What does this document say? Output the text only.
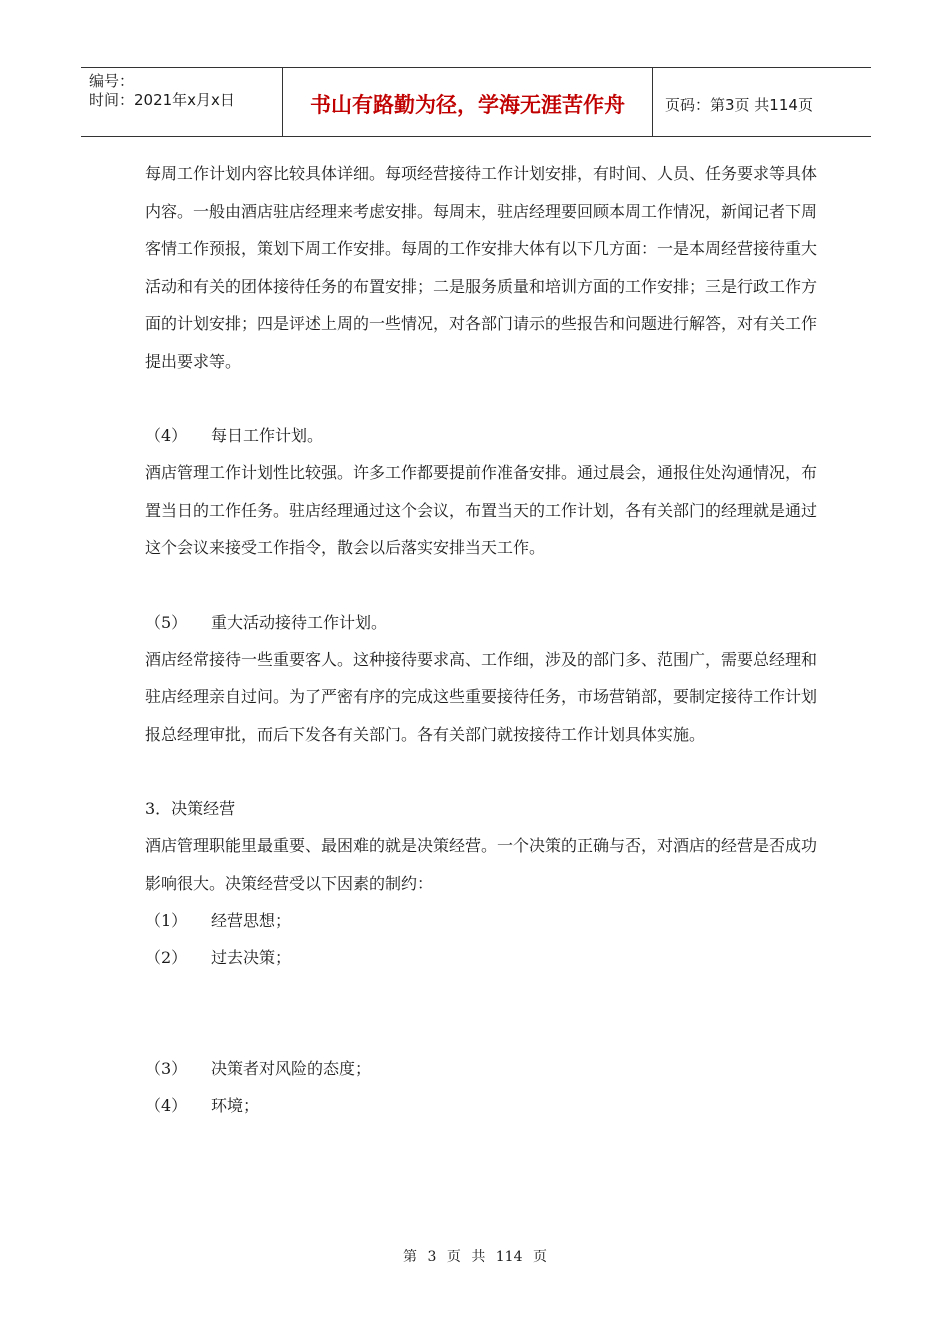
编号：
时间：2021年x月x日	书山有路勤为径，学海无涯苦作舟	页码：第3页 共114页

每周工作计划内容比较具体详细。每项经营接待工作计划安排，有时间、人员、任务要求等具体内容。一般由酒店驻店经理来考虑安排。每周末，驻店经理要回顾本周工作情况，新闻记者下周客情工作预报，策划下周工作安排。每周的工作安排大体有以下几方面：一是本周经营接待重大活动和有关的团体接待任务的布置安排；二是服务质量和培训方面的工作安排；三是行政工作方面的计划安排；四是评述上周的一些情况，对各部门请示的些报告和问题进行解答，对有关工作提出要求等。

（4） 每日工作计划。

酒店管理工作计划性比较强。许多工作都要提前作准备安排。通过晨会，通报住处沟通情况，布置当日的工作任务。驻店经理通过这个会议，布置当天的工作计划，各有关部门的经理就是通过这个会议来接受工作指令，散会以后落实安排当天工作。

（5） 重大活动接待工作计划。

酒店经常接待一些重要客人。这种接待要求高、工作细，涉及的部门多、范围广，需要总经理和驻店经理亲自过问。为了严密有序的完成这些重要接待任务，市场营销部，要制定接待工作计划报总经理审批，而后下发各有关部门。各有关部门就按接待工作计划具体实施。

3．决策经营

酒店管理职能里最重要、最困难的就是决策经营。一个决策的正确与否，对酒店的经营是否成功影响很大。决策经营受以下因素的制约：

（1） 经营思想；

（2） 过去决策；

（3） 决策者对风险的态度；

（4） 环境；

第 3 页 共 114 页
